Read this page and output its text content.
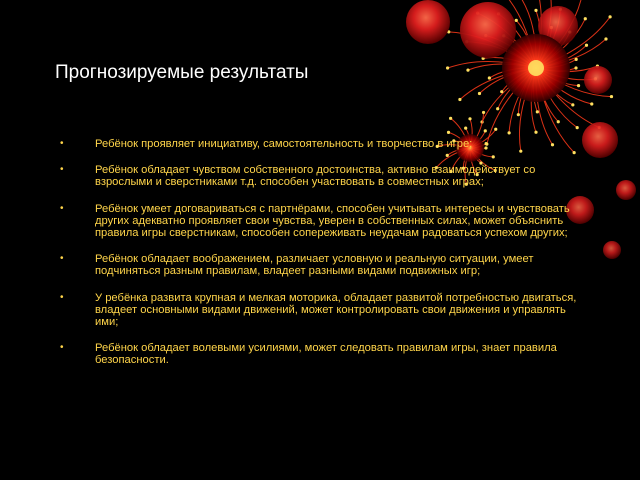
Прогнозируемые результаты
•	Ребёнок проявляет инициативу, самостоятельность и творчество в игре;
•	Ребёнок обладает чувством собственного достоинства, активно взаимодействует со взрослыми и сверстниками т.д. способен участвовать в совместных играх;
•	Ребёнок умеет договариваться с партнёрами, способен учитывать интересы и чувствовать других адекватно проявляет свои чувства, уверен в собственных силах, может объяснить правила игры сверстникам, способен сопереживать неудачам радоваться успехом других;
•	Ребёнок обладает воображением, различает условную и реальную ситуации, умеет подчиняться разным правилам, владеет разными видами подвижных игр;
•	У ребёнка развита крупная и мелкая моторика, обладает развитой потребностью двигаться, владеет основными видами движений, может контролировать свои движения и управлять ими;
•	Ребёнок обладает волевыми усилиями, может следовать правилам игры, знает правила безопасности.
